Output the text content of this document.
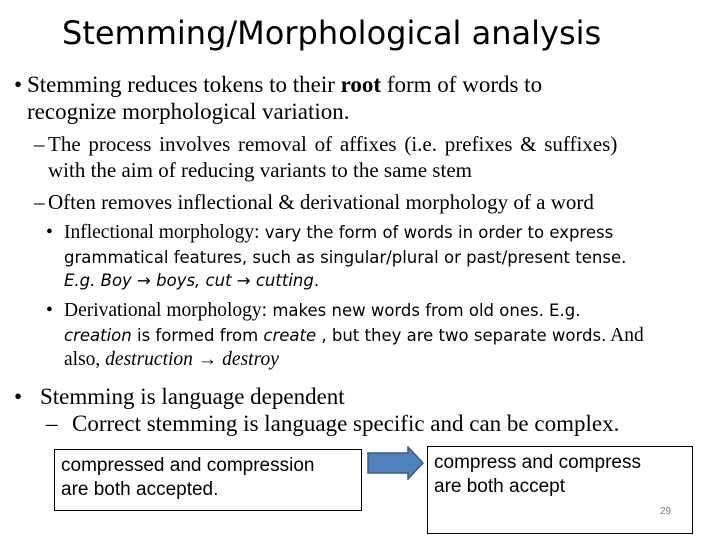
Stemming/Morphological analysis
• Stemming reduces tokens to their root form of words to
recognize morphological variation.
– The process involves removal of affixes (i.e. prefixes & suffixes)
with the aim of reducing variants to the same stem
– Often removes inflectional & derivational morphology of a word
• Inflectional morphology: vary the form of words in order to express
grammatical features, such as singular/plural or past/present tense.
E.g. Boy → boys, cut → cutting.
• Derivational morphology: makes new words from old ones. E.g.
creation is formed from create , but they are two separate words. And
also, destruction → destroy
• Stemming is language dependent
– Correct stemming is language specific and can be complex.
compressed and compression
are both accepted.
compress and compress
are both accept
29
